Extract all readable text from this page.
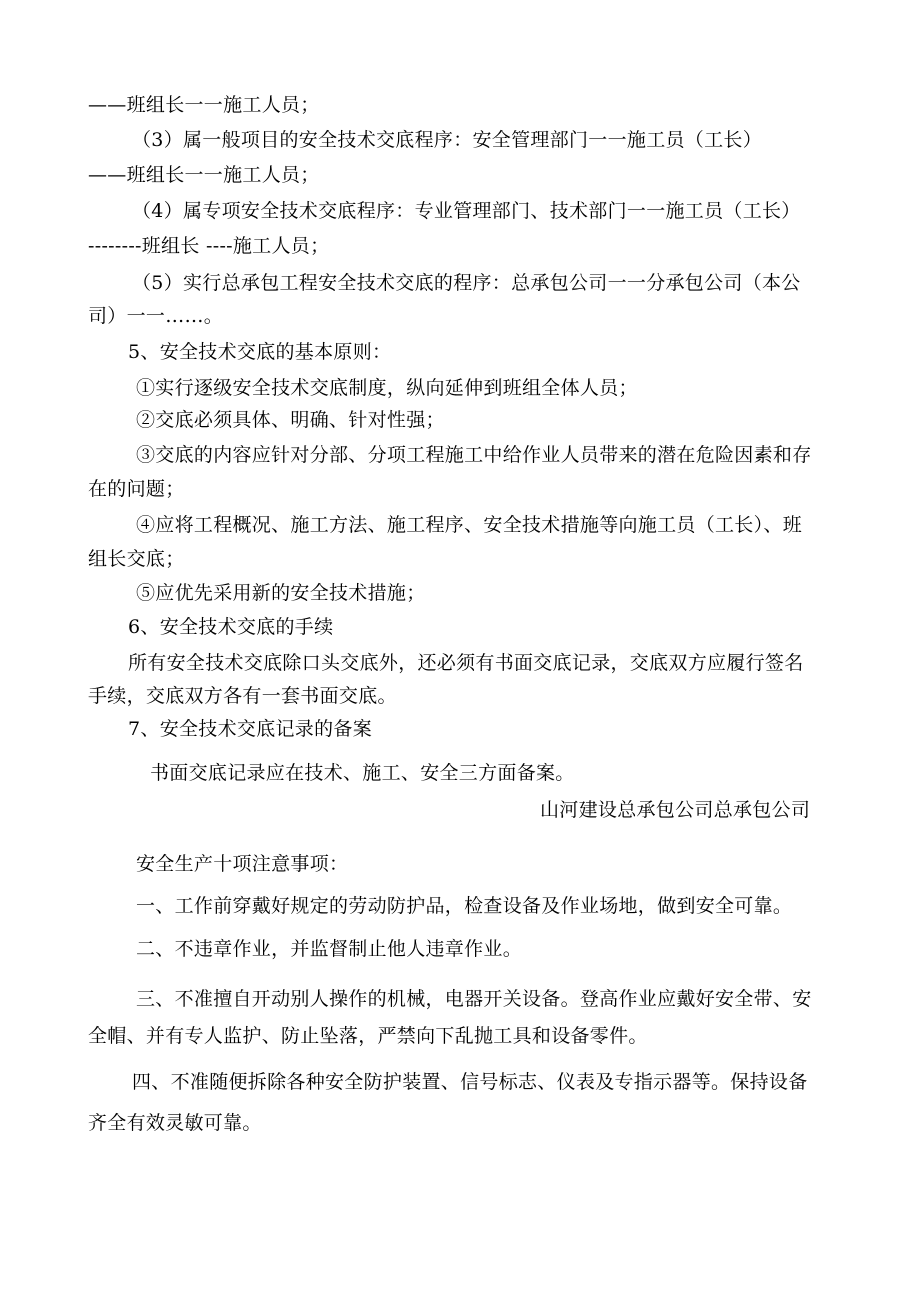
——班组长一一施工人员；
（3）属一般项目的安全技术交底程序：安全管理部门一一施工员（工长）
——班组长一一施工人员；
（4）属专项安全技术交底程序：专业管理部门、技术部门一一施工员（工长）
--------班组长 ----施工人员；
（5）实行总承包工程安全技术交底的程序：总承包公司一一分承包公司（本公
司）一一……。
5、安全技术交底的基本原则：
①实行逐级安全技术交底制度，纵向延伸到班组全体人员；
②交底必须具体、明确、针对性强；
③交底的内容应针对分部、分项工程施工中给作业人员带来的潜在危险因素和存
在的问题；
④应将工程概况、施工方法、施工程序、安全技术措施等向施工员（工长）、班
组长交底；
⑤应优先采用新的安全技术措施；
6、安全技术交底的手续
所有安全技术交底除口头交底外，还必须有书面交底记录，交底双方应履行签名
手续，交底双方各有一套书面交底。
7、安全技术交底记录的备案
书面交底记录应在技术、施工、安全三方面备案。
山河建设总承包公司总承包公司
安全生产十项注意事项：
一、工作前穿戴好规定的劳动防护品，检查设备及作业场地，做到安全可靠。
二、不违章作业，并监督制止他人违章作业。
三、不准擅自开动别人操作的机械，电器开关设备。登高作业应戴好安全带、安
全帽、并有专人监护、防止坠落，严禁向下乱抛工具和设备零件。
四、不准随便拆除各种安全防护装置、信号标志、仪表及专指示器等。保持设备
齐全有效灵敏可靠。
